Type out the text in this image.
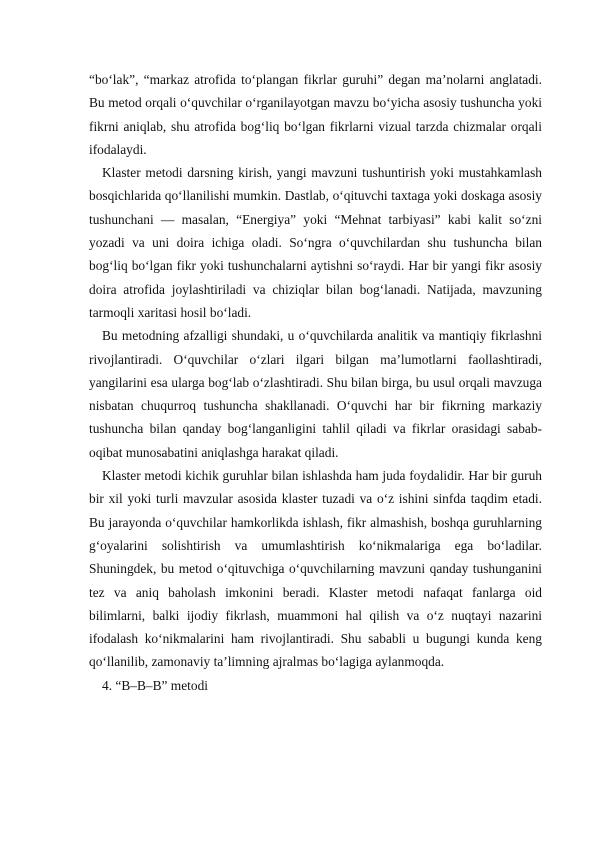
“bo‘lak”, “markaz atrofida to‘plangan fikrlar guruhi” degan ma’nolarni anglatadi. Bu metod orqali o‘quvchilar o‘rganilayotgan mavzu bo‘yicha asosiy tushuncha yoki fikrni aniqlab, shu atrofida bog‘liq bo‘lgan fikrlarni vizual tarzda chizmalar orqali ifodalaydi.

Klaster metodi darsning kirish, yangi mavzuni tushuntirish yoki mustahkamlash bosqichlarida qo‘llanilishi mumkin. Dastlab, o‘qituvchi taxtaga yoki doskaga asosiy tushunchani — masalan, “Energiya” yoki “Mehnat tarbiyasi” kabi kalit so‘zni yozadi va uni doira ichiga oladi. So‘ngra o‘quvchilardan shu tushuncha bilan bog‘liq bo‘lgan fikr yoki tushunchalarni aytishni so‘raydi. Har bir yangi fikr asosiy doira atrofida joylashtiriladi va chiziqlar bilan bog‘lanadi. Natijada, mavzuning tarmoqli xaritasi hosil bo‘ladi.

Bu metodning afzalligi shundaki, u o‘quvchilarda analitik va mantiqiy fikrlashni rivojlantiradi. O‘quvchilar o‘zlari ilgari bilgan ma’lumotlarni faollashtiradi, yangilarini esa ularga bog‘lab o‘zlashtiradi. Shu bilan birga, bu usul orqali mavzuga nisbatan chuqurroq tushuncha shakllanadi. O‘quvchi har bir fikrning markaziy tushuncha bilan qanday bog‘langanligini tahlil qiladi va fikrlar orasidagi sabab-oqibat munosabatini aniqlashga harakat qiladi.

Klaster metodi kichik guruhlar bilan ishlashda ham juda foydalidir. Har bir guruh bir xil yoki turli mavzular asosida klaster tuzadi va o‘z ishini sinfda taqdim etadi. Bu jarayonda o‘quvchilar hamkorlikda ishlash, fikr almashish, boshqa guruhlarning g‘oyalarini solishtirish va umumlashtirish ko‘nikmalariga ega bo‘ladilar. Shuningdek, bu metod o‘qituvchiga o‘quvchilarning mavzuni qanday tushunganini tez va aniq baholash imkonini beradi. Klaster metodi nafaqat fanlarga oid bilimlarni, balki ijodiy fikrlash, muammoni hal qilish va o‘z nuqtayi nazarini ifodalash ko‘nikmalarini ham rivojlantiradi. Shu sababli u bugungi kunda keng qo‘llanilib, zamonaviy ta’limning ajralmas bo‘lagiga aylanmoqda.

4. “B–B–B” metodi
